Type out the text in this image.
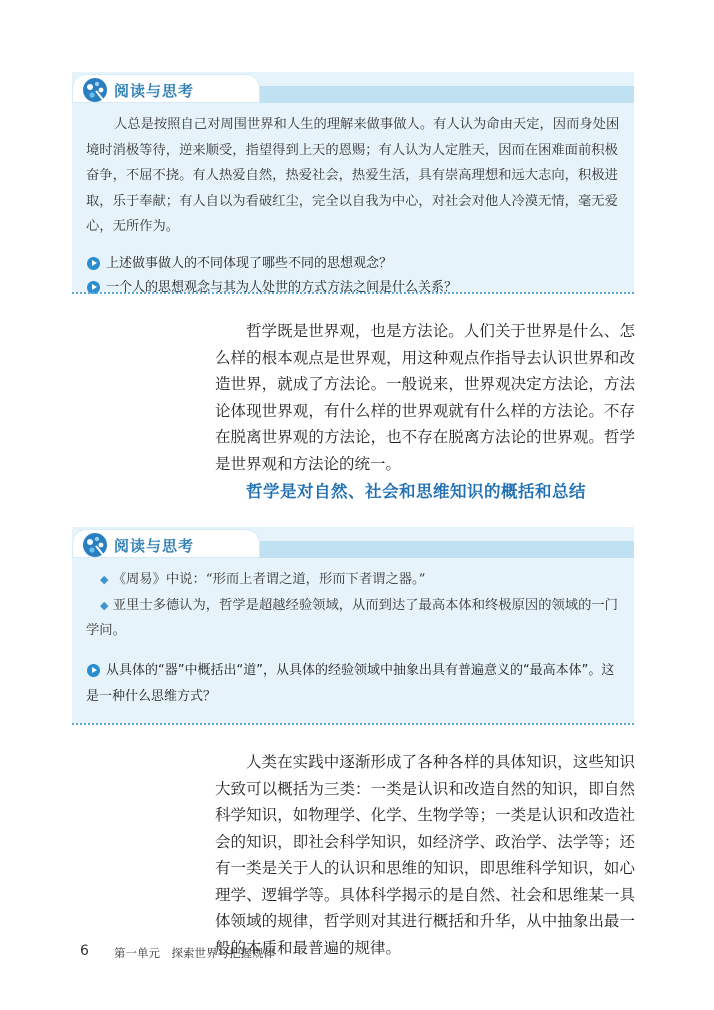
阅读与思考

人总是按照自己对周围世界和人生的理解来做事做人。有人认为命由天定，因而身处困境时消极等待，逆来顺受，指望得到上天的恩赐；有人认为人定胜天，因而在困难面前积极奋争，不屈不挠。有人热爱自然，热爱社会，热爱生活，具有崇高理想和远大志向，积极进取，乐于奉献；有人自以为看破红尘，完全以自我为中心，对社会对他人冷漠无情，毫无爱心，无所作为。

上述做事做人的不同体现了哪些不同的思想观念？

一个人的思想观念与其为人处世的方式方法之间是什么关系？

哲学既是世界观，也是方法论。人们关于世界是什么、怎么样的根本观点是世界观，用这种观点作指导去认识世界和改造世界，就成了方法论。一般说来，世界观决定方法论，方法论体现世界观，有什么样的世界观就有什么样的方法论。不存在脱离世界观的方法论，也不存在脱离方法论的世界观。哲学是世界观和方法论的统一。

哲学是对自然、社会和思维知识的概括和总结
阅读与思考

◆ 《周易》中说：“形而上者谓之道，形而下者谓之器。”

◆ 亚里士多德认为，哲学是超越经验领域，从而到达了最高本体和终极原因的领域的一门学问。

从具体的“器”中概括出“道”，从具体的经验领域中抽象出具有普遍意义的“最高本体”。这是一种什么思维方式？

人类在实践中逐渐形成了各种各样的具体知识，这些知识大致可以概括为三类：一类是认识和改造自然的知识，即自然科学知识，如物理学、化学、生物学等；一类是认识和改造社会的知识，即社会科学知识，如经济学、政治学、法学等；还有一类是关于人的认识和思维的知识，即思维科学知识，如心理学、逻辑学等。具体科学揭示的是自然、社会和思维某一具体领域的规律，哲学则对其进行概括和升华，从中抽象出最一般的本质和最普遍的规律。

6 第一单元　探索世界与把握规律
